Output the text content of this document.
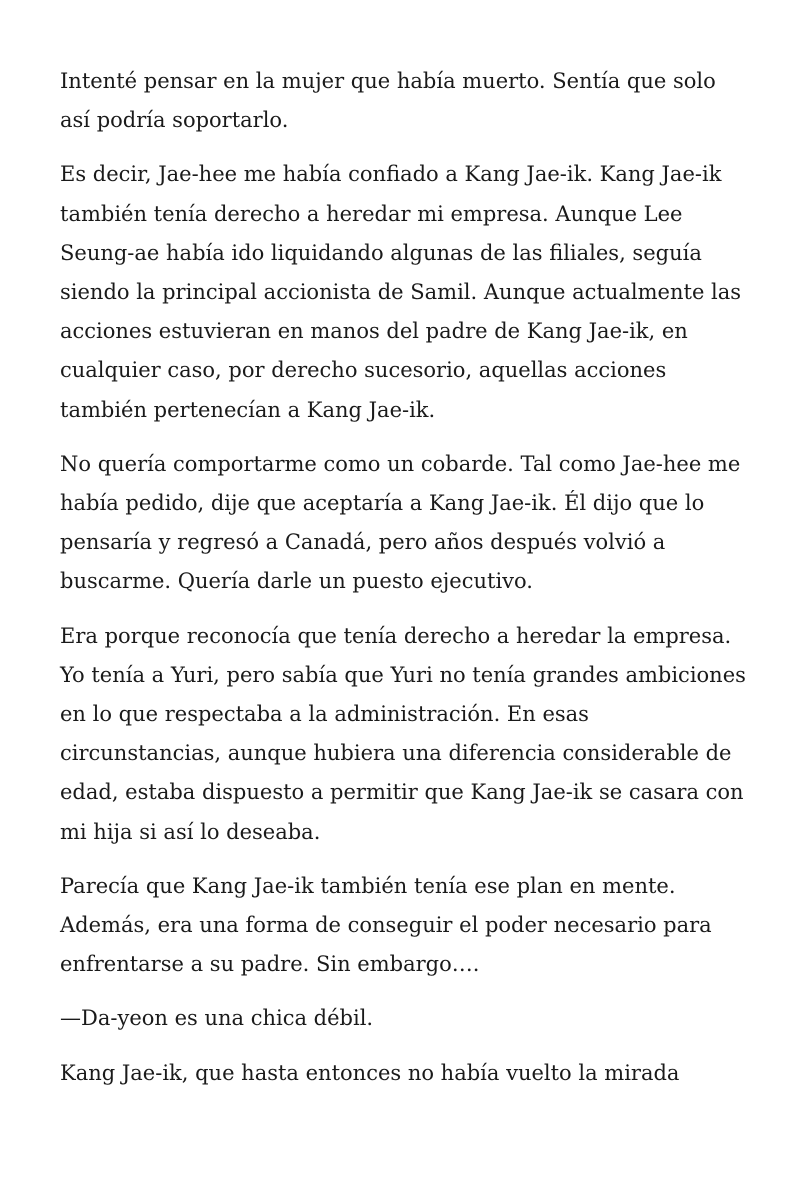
Intenté pensar en la mujer que había muerto. Sentía que solo así podría soportarlo.

Es decir, Jae-hee me había confiado a Kang Jae-ik. Kang Jae-ik también tenía derecho a heredar mi empresa. Aunque Lee Seung-ae había ido liquidando algunas de las filiales, seguía siendo la principal accionista de Samil. Aunque actualmente las acciones estuvieran en manos del padre de Kang Jae-ik, en cualquier caso, por derecho sucesorio, aquellas acciones también pertenecían a Kang Jae-ik.

No quería comportarme como un cobarde. Tal como Jae-hee me había pedido, dije que aceptaría a Kang Jae-ik. Él dijo que lo pensaría y regresó a Canadá, pero años después volvió a buscarme. Quería darle un puesto ejecutivo.

Era porque reconocía que tenía derecho a heredar la empresa. Yo tenía a Yuri, pero sabía que Yuri no tenía grandes ambiciones en lo que respectaba a la administración. En esas circunstancias, aunque hubiera una diferencia considerable de edad, estaba dispuesto a permitir que Kang Jae-ik se casara con mi hija si así lo deseaba.

Parecía que Kang Jae-ik también tenía ese plan en mente. Además, era una forma de conseguir el poder necesario para enfrentarse a su padre. Sin embargo….

—Da-yeon es una chica débil.

Kang Jae-ik, que hasta entonces no había vuelto la mirada
